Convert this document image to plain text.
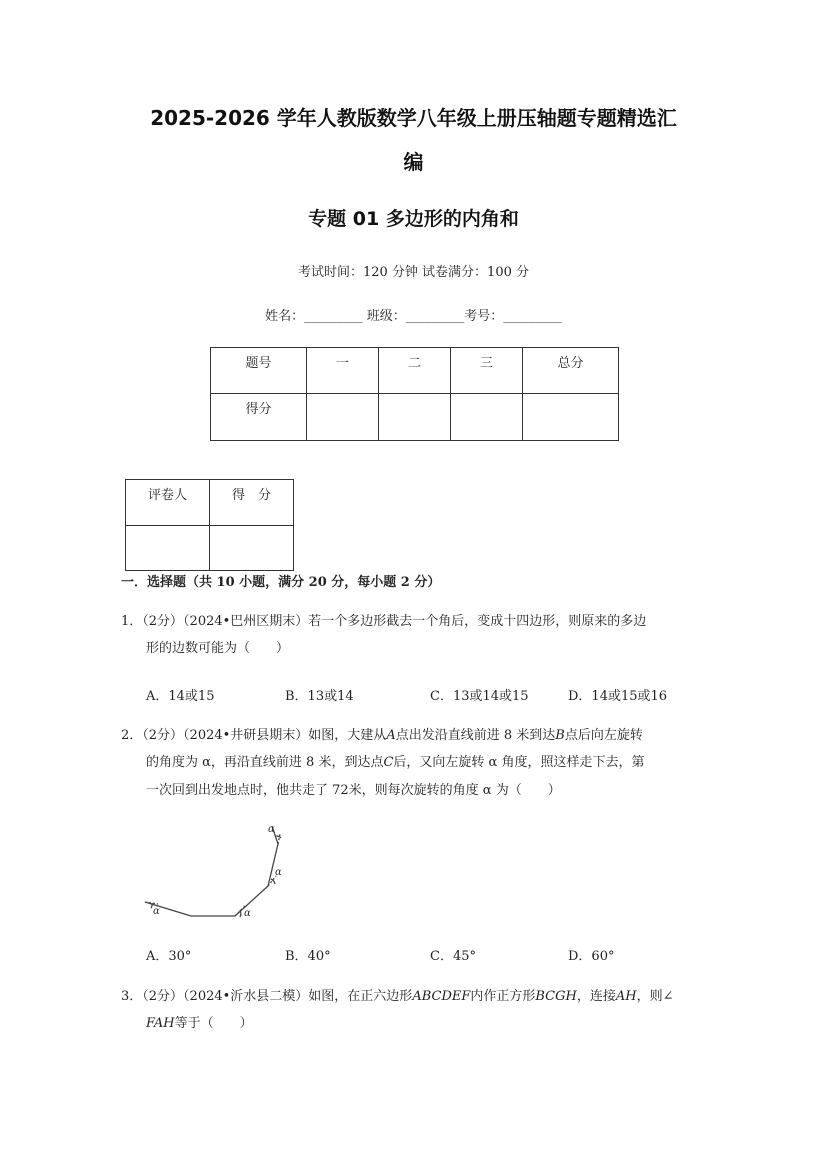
2025-2026 学年人教版数学八年级上册压轴题专题精选汇
编
专题 01 多边形的内角和
考试时间：120 分钟 试卷满分：100 分
姓名：_________ 班级：_________考号：_________
题号	一	二	三	总分
得分				
评卷人	得　分

一．选择题（共 10 小题，满分 20 分，每小题 2 分）
1．（2分）（2024•巴州区期末）若一个多边形截去一个角后，变成十四边形，则原来的多边
形的边数可能为（　　）
A．14或15	B．13或14	C．13或14或15	D．14或15或16
2．（2分）（2024•井研县期末）如图，大建从A点出发沿直线前进 8 米到达B点后向左旋转
的角度为 α，再沿直线前进 8 米，到达点C后，又向左旋转 α 角度，照这样走下去，第
一次回到出发地点时，他共走了 72米，则每次旋转的角度 α 为（　　）
α
α
α
α
A．30°	B．40°	C．45°	D．60°
3．（2分）（2024•沂水县二模）如图，在正六边形ABCDEF内作正方形BCGH，连接AH，则∠
FAH等于（　　）
